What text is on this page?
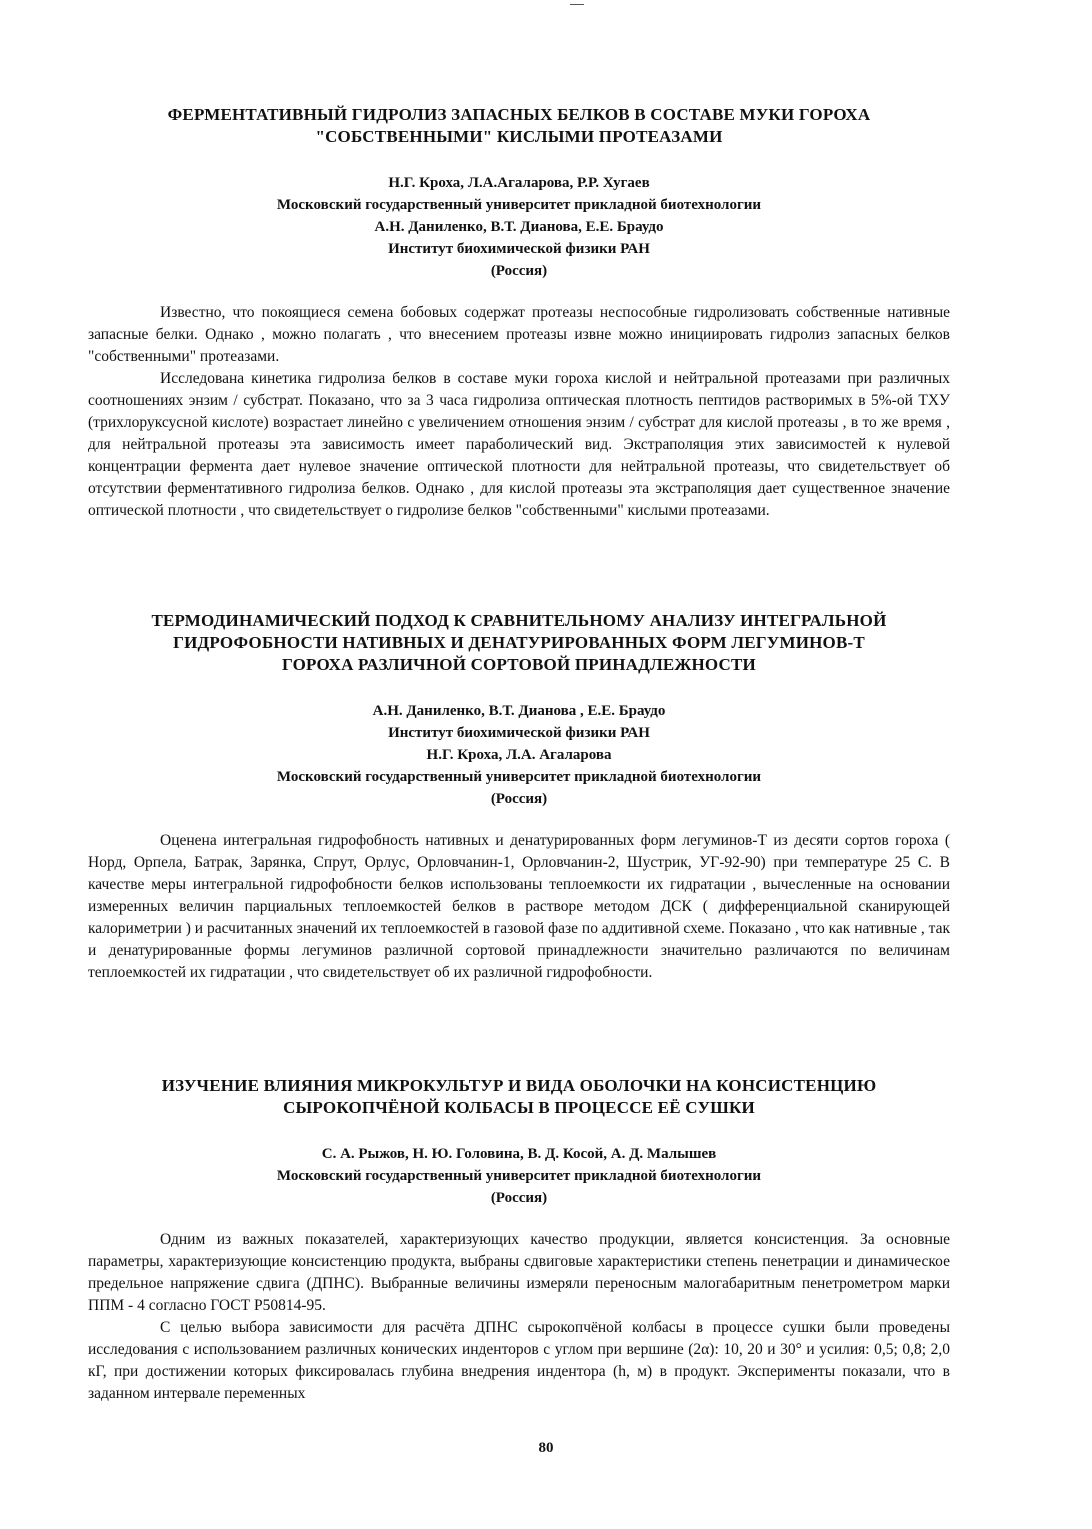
ФЕРМЕНТАТИВНЫЙ ГИДРОЛИЗ ЗАПАСНЫХ БЕЛКОВ В СОСТАВЕ МУКИ ГОРОХА
"СОБСТВЕННЫМИ" КИСЛЫМИ ПРОТЕАЗАМИ
Н.Г. Кроха, Л.А.Агаларова, Р.Р. Хугаев
Московский государственный университет прикладной биотехнологии
А.Н. Даниленко, В.Т. Дианова, Е.Е. Браудо
Институт биохимической физики РАН
(Россия)

Известно, что покоящиеся семена бобовых содержат протеазы неспособные гидролизовать собственные нативные запасные белки. Однако , можно полагать , что внесением протеазы извне можно инициировать гидролиз запасных белков "собственными" протеазами.

Исследована кинетика гидролиза белков в составе муки гороха кислой и нейтральной протеазами при различных соотношениях энзим / субстрат. Показано, что за 3 часа гидролиза оптическая плотность пептидов растворимых в 5%-ой ТХУ (трихлоруксусной кислоте) возрастает линейно с увеличением отношения энзим / субстрат для кислой протеазы , в то же время , для нейтральной протеазы эта зависимость имеет параболический вид. Экстраполяция этих зависимостей к нулевой концентрации фермента дает нулевое значение оптической плотности для нейтральной протеазы, что свидетельствует об отсутствии ферментативного гидролиза белков. Однако , для кислой протеазы эта экстраполяция дает существенное значение оптической плотности , что свидетельствует о гидролизе белков "собственными" кислыми протеазами.

ТЕРМОДИНАМИЧЕСКИЙ ПОДХОД К СРАВНИТЕЛЬНОМУ АНАЛИЗУ ИНТЕГРАЛЬНОЙ
ГИДРОФОБНОСТИ НАТИВНЫХ И ДЕНАТУРИРОВАННЫХ ФОРМ ЛЕГУМИНОВ-Т
ГОРОХА РАЗЛИЧНОЙ СОРТОВОЙ ПРИНАДЛЕЖНОСТИ
А.Н. Даниленко, В.Т. Дианова , Е.Е. Браудо
Институт биохимической физики РАН
Н.Г. Кроха, Л.А. Агаларова
Московский государственный университет прикладной биотехнологии
(Россия)

Оценена интегральная гидрофобность нативных и денатурированных форм легуминов-Т из десяти сортов гороха ( Норд, Орпела, Батрак, Зарянка, Спрут, Орлус, Орловчанин-1, Орловчанин-2, Шустрик, УГ-92-90) при температуре 25 С. В качестве меры интегральной гидрофобности белков использованы теплоемкости их гидратации , вычесленные на основании измеренных величин парциальных теплоемкостей белков в растворе методом ДСК ( дифференциальной сканирующей калориметрии ) и расчитанных значений их теплоемкостей в газовой фазе по аддитивной схеме. Показано , что как нативные , так и денатурированные формы легуминов различной сортовой принадлежности значительно различаются по величинам теплоемкостей их гидратации , что свидетельствует об их различной гидрофобности.

ИЗУЧЕНИЕ ВЛИЯНИЯ МИКРОКУЛЬТУР И ВИДА ОБОЛОЧКИ НА КОНСИСТЕНЦИЮ
СЫРОКОПЧЁНОЙ КОЛБАСЫ В ПРОЦЕССЕ ЕЁ СУШКИ
С. А. Рыжов, Н. Ю. Головина, В. Д. Косой, А. Д. Малышев
Московский государственный университет прикладной биотехнологии
(Россия)

Одним из важных показателей, характеризующих качество продукции, является консистенция. За основные параметры, характеризующие консистенцию продукта, выбраны сдвиговые характеристики степень пенетрации и динамическое предельное напряжение сдвига (ДПНС). Выбранные величины измеряли переносным малогабаритным пенетрометром марки ППМ - 4 согласно ГОСТ Р50814-95.

С целью выбора зависимости для расчёта ДПНС сырокопчёной колбасы в процессе сушки были проведены исследования с использованием различных конических инденторов с углом при вершине (2α): 10, 20 и 30° и усилия: 0,5; 0,8; 2,0 кГ, при достижении которых фиксировалась глубина внедрения индентора (h, м) в продукт. Эксперименты показали, что в заданном интервале переменных

80
